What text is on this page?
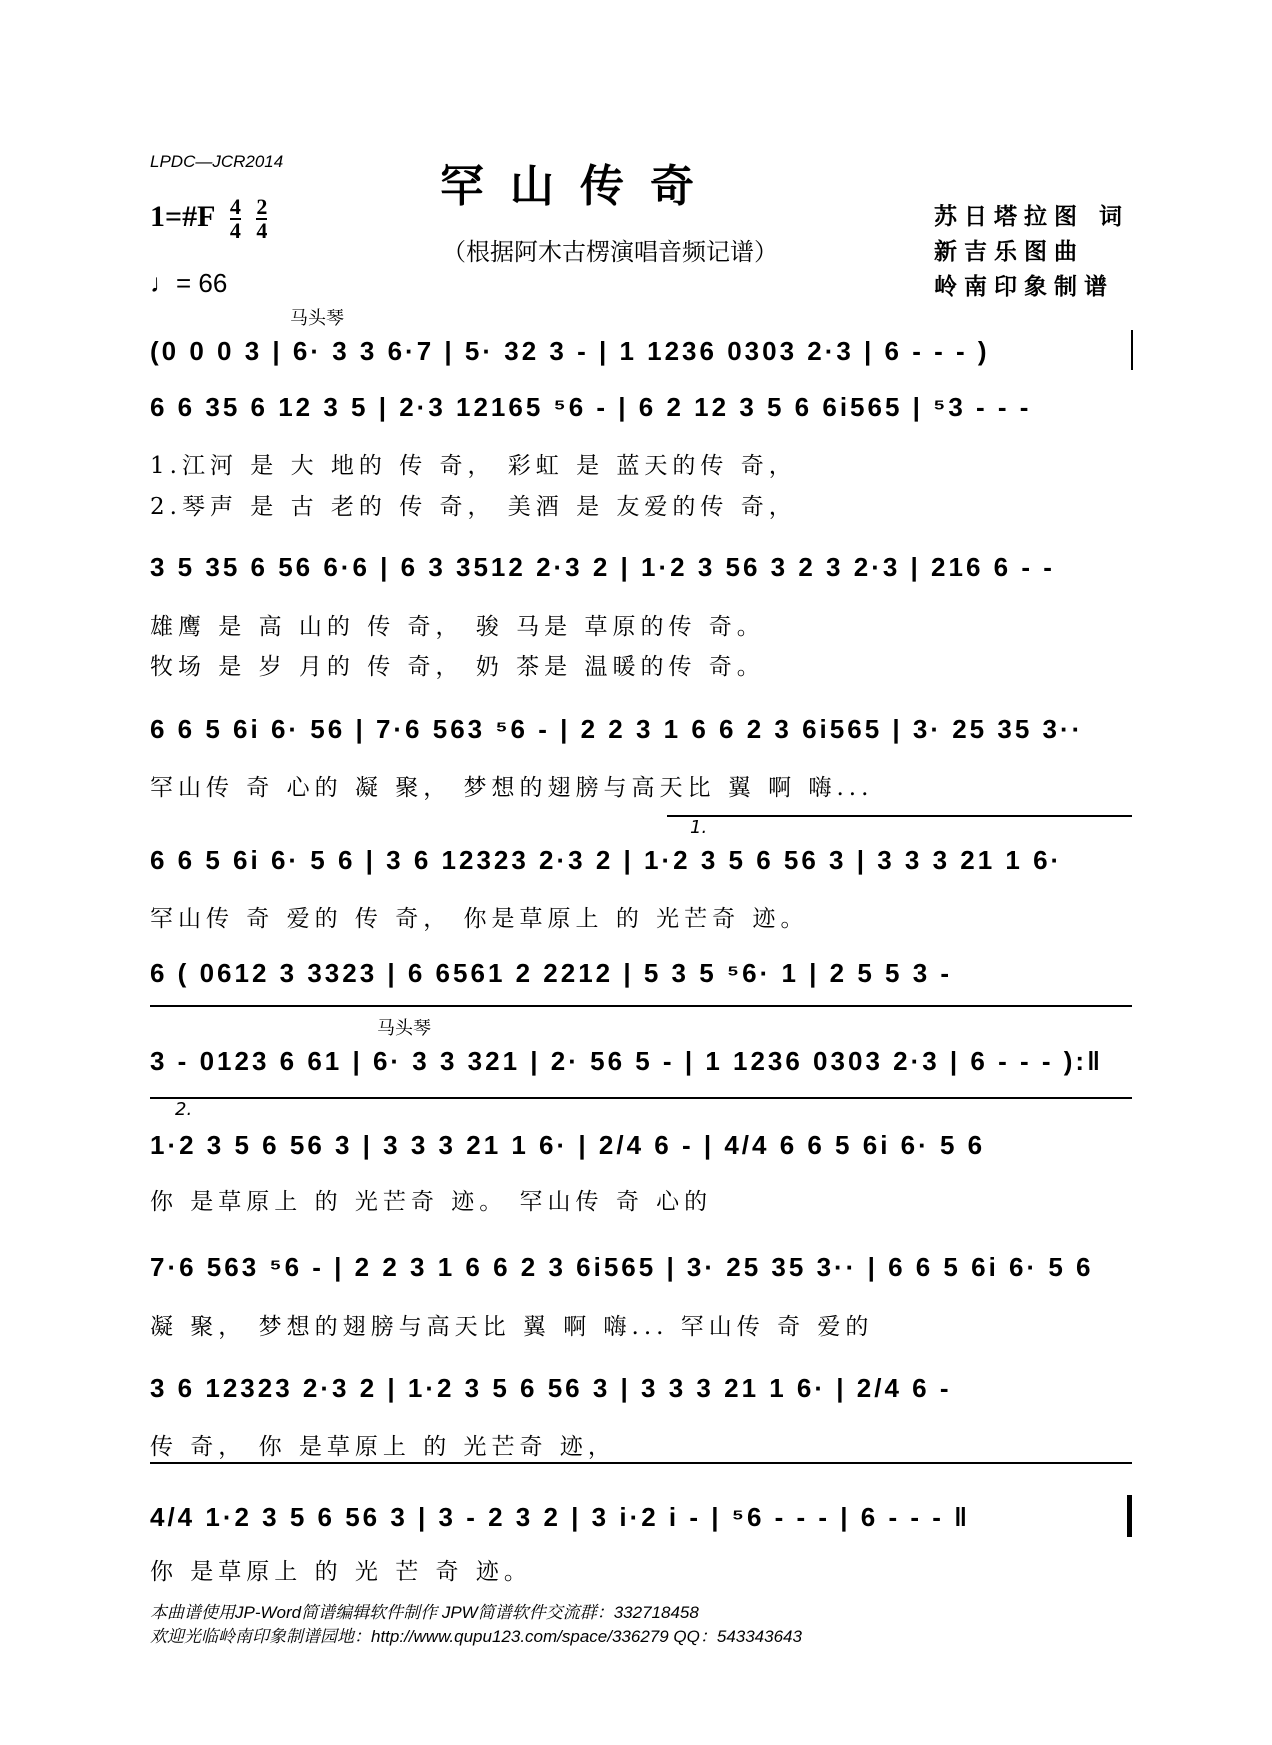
LPDC—JCR2014	罕山传奇
1=#F $\frac{4}{4}$
$\frac{2}{4}$
（根据阿木古楞演唱音频记谱）
♩= 66
苏日塔拉图 词
新吉乐图曲
岭南印象制谱
马头琴
马头琴
(0 0 0 3 | 6· 3 3 6·7 | 5· 32 3 - | 1 1236 0303 2·3 | 6 - - - )
6 6 35 6 12 3 5 | 2·3 12165 ⁵6 - | 6 2 12 3 5 6 6i565 | ⁵3 - - -
1.江河 是 大 地的 传 奇， 彩虹 是 蓝天的传 奇，
2.琴声 是 古 老的 传 奇， 美酒 是 友爱的传 奇，
3 5 35 6 56 6·6 | 6 3 3512 2·3 2 | 1·2 3 56 3 2 3 2·3 | 216 6 - -
雄鹰 是 高 山的 传 奇， 骏 马是 草原的传 奇。
牧场 是 岁 月的 传 奇， 奶 茶是 温暖的传 奇。
6 6 5 6i 6· 56 | 7·6 563 ⁵6 - | 2 2 3 1 6 6 2 3 6i565 | 3· 25 35 3··
罕山传 奇 心的 凝 聚， 梦想的翅膀与高天比 翼 啊 嗨...
1.
6 6 5 6i 6· 5 6 | 3 6 12323 2·3 2 | 1·2 3 5 6 56 3 | 3 3 3 21 1 6·
罕山传 奇 爱的 传 奇， 你是草原上 的 光芒奇 迹。
6 ( 0612 3 3323 | 6 6561 2 2212 | 5 3 5 ⁵6· 1 | 2 5 5 3 -
3 - 0123 6 61 | 6· 3 3 321 | 2· 56 5 - | 1 1236 0303 2·3 | 6 - - - ):‖
2.
1·2 3 5 6 56 3 | 3 3 3 21 1 6· | 2/4 6 - | 4/4 6 6 5 6i 6· 5 6
你 是草原上 的 光芒奇 迹。 罕山传 奇 心的
7·6 563 ⁵6 - | 2 2 3 1 6 6 2 3 6i565 | 3· 25 35 3·· | 6 6 5 6i 6· 5 6
凝 聚， 梦想的翅膀与高天比 翼 啊 嗨... 罕山传 奇 爱的
3 6 12323 2·3 2 | 1·2 3 5 6 56 3 | 3 3 3 21 1 6· | 2/4 6 -
传 奇， 你 是草原上 的 光芒奇 迹，
4/4 1·2 3 5 6 56 3 | 3 - 2 3 2 | 3 i·2 i - | ⁵6 - - - | 6 - - - ‖
你 是草原上 的 光 芒 奇 迹。
本曲谱使用JP-Word简谱编辑软件制作 JPW简谱软件交流群：332718458
欢迎光临岭南印象制谱园地：http://www.qupu123.com/space/336279 QQ：543343643
